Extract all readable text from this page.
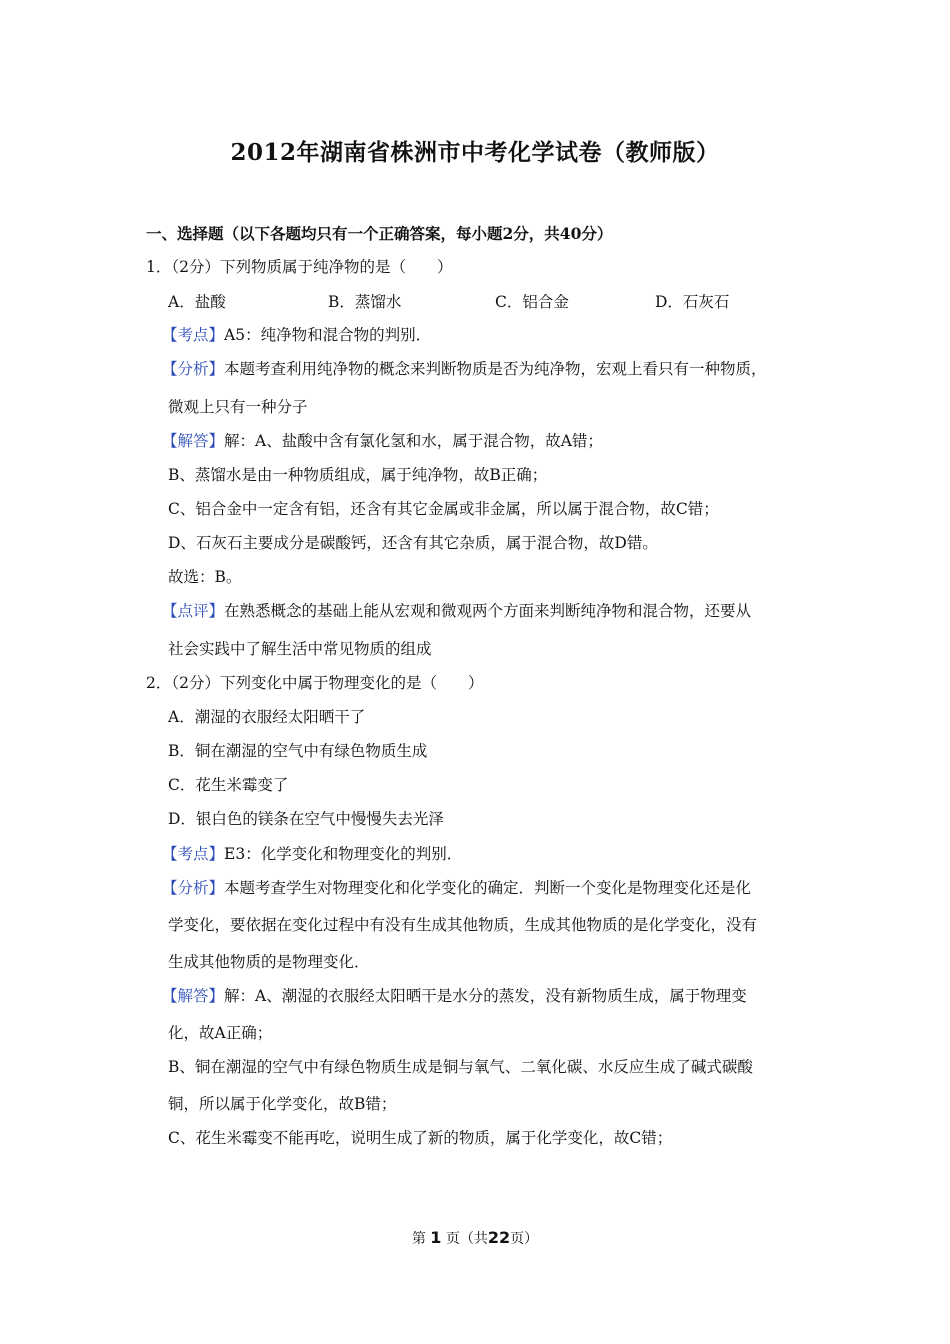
2012年湖南省株洲市中考化学试卷（教师版）
一、选择题（以下各题均只有一个正确答案，每小题2分，共40分）
1．（2分）下列物质属于纯净物的是（　　）
A．盐酸	B．蒸馏水	C．铝合金	D．石灰石
【考点】A5：纯净物和混合物的判别．
【分析】本题考查利用纯净物的概念来判断物质是否为纯净物，宏观上看只有一种物质，
微观上只有一种分子
【解答】解：A、盐酸中含有氯化氢和水，属于混合物，故A错；
B、蒸馏水是由一种物质组成，属于纯净物，故B正确；
C、铝合金中一定含有铝，还含有其它金属或非金属，所以属于混合物，故C错；
D、石灰石主要成分是碳酸钙，还含有其它杂质，属于混合物，故D错。
故选：B。
【点评】在熟悉概念的基础上能从宏观和微观两个方面来判断纯净物和混合物，还要从
社会实践中了解生活中常见物质的组成
2．（2分）下列变化中属于物理变化的是（　　）
A．潮湿的衣服经太阳晒干了
B．铜在潮湿的空气中有绿色物质生成
C．花生米霉变了
D．银白色的镁条在空气中慢慢失去光泽
【考点】E3：化学变化和物理变化的判别．
【分析】本题考查学生对物理变化和化学变化的确定．判断一个变化是物理变化还是化
学变化，要依据在变化过程中有没有生成其他物质，生成其他物质的是化学变化，没有
生成其他物质的是物理变化．
【解答】解：A、潮湿的衣服经太阳晒干是水分的蒸发，没有新物质生成，属于物理变
化，故A正确；
B、铜在潮湿的空气中有绿色物质生成是铜与氧气、二氧化碳、水反应生成了碱式碳酸
铜，所以属于化学变化，故B错；
C、花生米霉变不能再吃，说明生成了新的物质，属于化学变化，故C错；
第 1 页（共22页）
